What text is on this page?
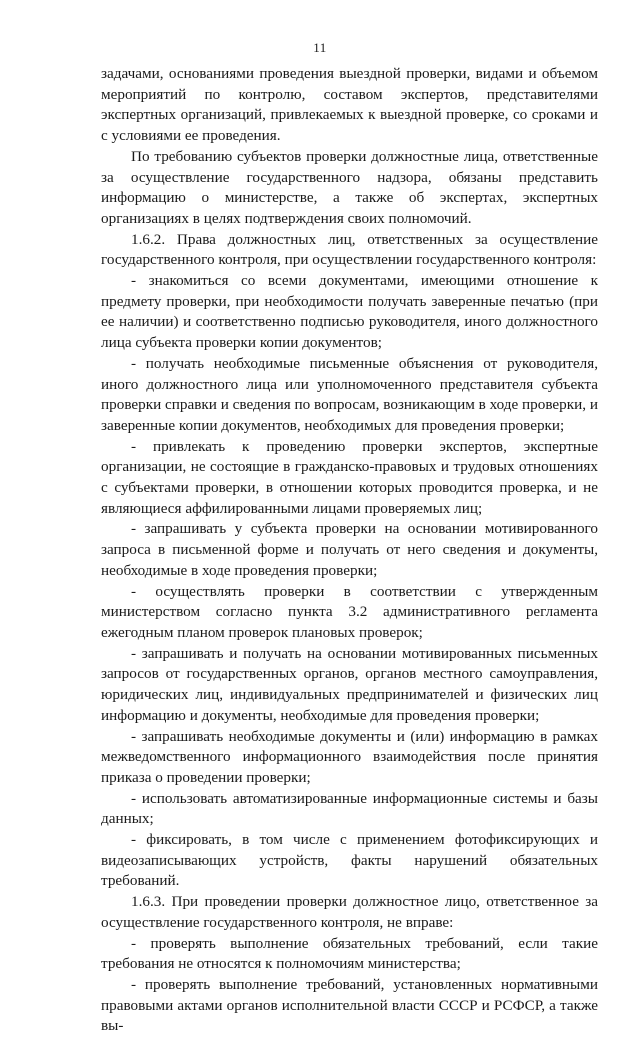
11

задачами, основаниями проведения выездной проверки, видами и объемом мероприятий по контролю, составом экспертов, представителями экспертных организаций, привлекаемых к выездной проверке, со сроками и с условиями ее проведения.

По требованию субъектов проверки должностные лица, ответственные за осуществление государственного надзора, обязаны представить информацию о министерстве, а также об экспертах, экспертных организациях в целях подтверждения своих полномочий.

1.6.2. Права должностных лиц, ответственных за осуществление государственного контроля, при осуществлении государственного контроля:

- знакомиться со всеми документами, имеющими отношение к предмету проверки, при необходимости получать заверенные печатью (при ее наличии) и соответственно подписью руководителя, иного должностного лица субъекта проверки копии документов;

- получать необходимые письменные объяснения от руководителя, иного должностного лица или уполномоченного представителя субъекта проверки справки и сведения по вопросам, возникающим в ходе проверки, и заверенные копии документов, необходимых для проведения проверки;

- привлекать к проведению проверки экспертов, экспертные организации, не состоящие в гражданско-правовых и трудовых отношениях с субъектами проверки, в отношении которых проводится проверка, и не являющиеся аффилированными лицами проверяемых лиц;

- запрашивать у субъекта проверки на основании мотивированного запроса в письменной форме и получать от него сведения и документы, необходимые в ходе проведения проверки;

- осуществлять проверки в соответствии с утвержденным министерством согласно пункта 3.2 административного регламента ежегодным планом проверок плановых проверок;

- запрашивать и получать на основании мотивированных письменных запросов от государственных органов, органов местного самоуправления, юридических лиц, индивидуальных предпринимателей и физических лиц информацию и документы, необходимые для проведения проверки;

- запрашивать необходимые документы и (или) информацию в рамках межведомственного информационного взаимодействия после принятия приказа о проведении проверки;

- использовать автоматизированные информационные системы и базы данных;

- фиксировать, в том числе с применением фотофиксирующих и видеозаписывающих устройств, факты нарушений обязательных требований.

1.6.3. При проведении проверки должностное лицо, ответственное за осуществление государственного контроля, не вправе:

- проверять выполнение обязательных требований, если такие требования не относятся к полномочиям министерства;

- проверять выполнение требований, установленных нормативными правовыми актами органов исполнительной власти СССР и РСФСР, а также вы-
